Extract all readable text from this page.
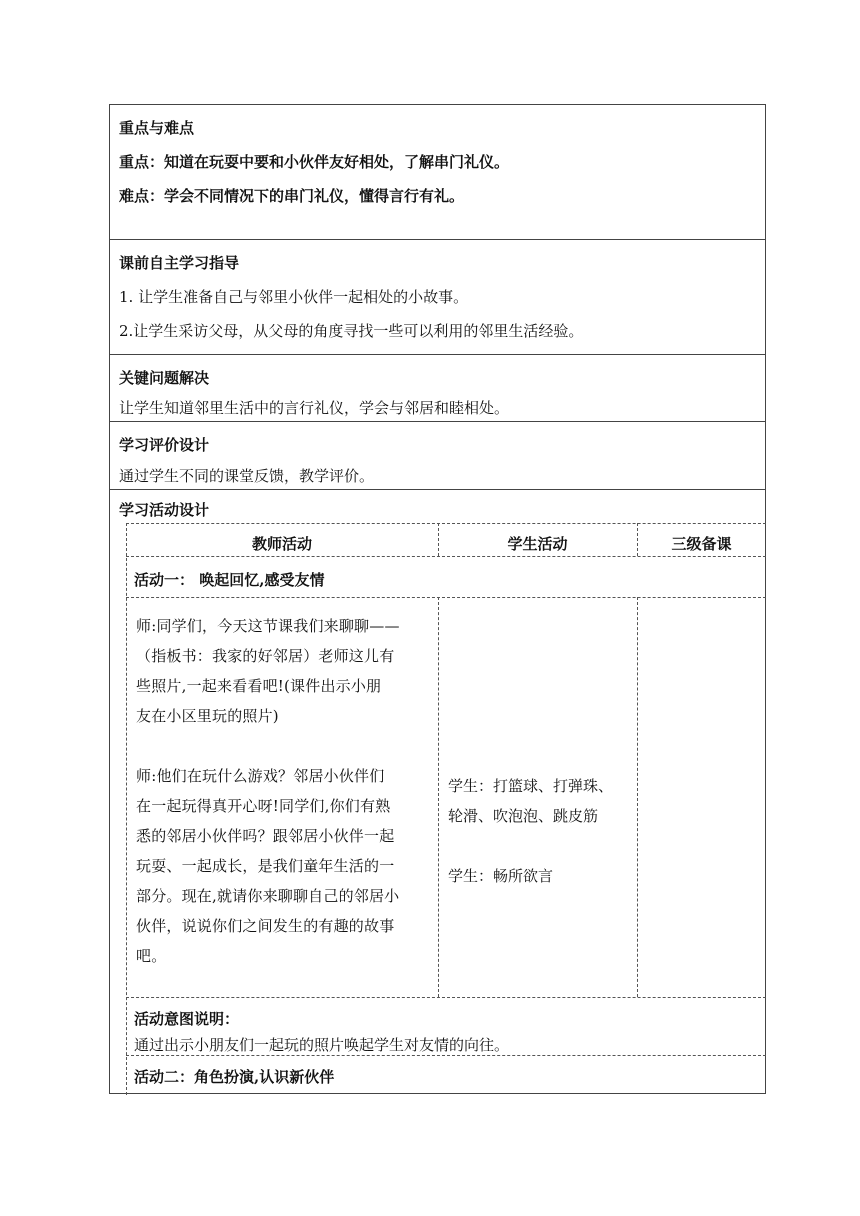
重点与难点
重点：知道在玩耍中要和小伙伴友好相处，了解串门礼仪。
难点：学会不同情况下的串门礼仪，懂得言行有礼。
课前自主学习指导
1. 让学生准备自己与邻里小伙伴一起相处的小故事。
2.让学生采访父母，从父母的角度寻找一些可以利用的邻里生活经验。
关键问题解决
让学生知道邻里生活中的言行礼仪，学会与邻居和睦相处。
学习评价设计
通过学生不同的课堂反馈，教学评价。
学习活动设计
教师活动	学生活动	三级备课
活动一： 唤起回忆,感受友情
师:同学们，今天这节课我们来聊聊——
（指板书：我家的好邻居）老师这儿有
些照片,一起来看看吧!(课件出示小朋
友在小区里玩的照片)
师:他们在玩什么游戏？邻居小伙伴们
在一起玩得真开心呀!同学们,你们有熟
悉的邻居小伙伴吗？跟邻居小伙伴一起
玩耍、一起成长，是我们童年生活的一
部分。现在,就请你来聊聊自己的邻居小
伙伴，说说你们之间发生的有趣的故事
吧。
学生：打篮球、打弹珠、
轮滑、吹泡泡、跳皮筋
学生：畅所欲言
活动意图说明：
通过出示小朋友们一起玩的照片唤起学生对友情的向往。
活动二：角色扮演,认识新伙伴
